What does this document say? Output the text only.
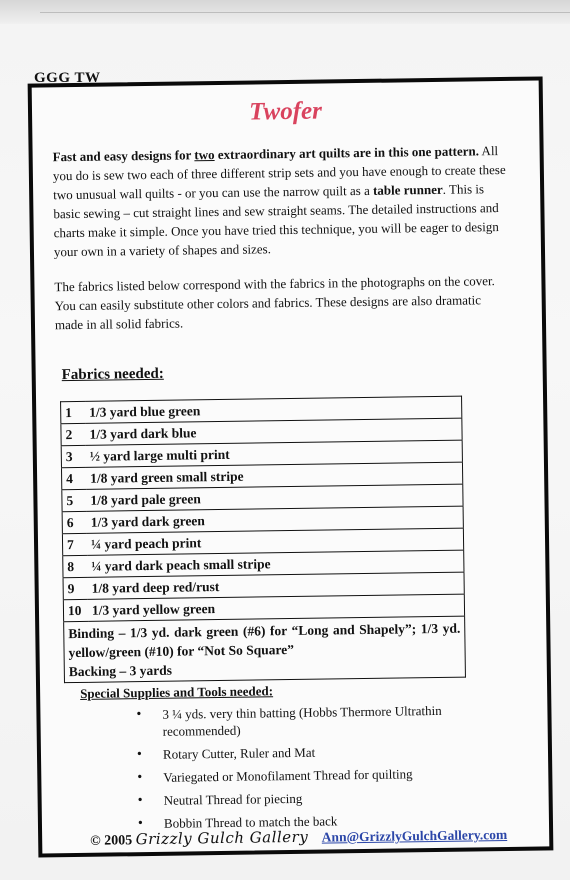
GGG TW
Twofer
Fast and easy designs for two extraordinary art quilts are in this one pattern. All you do is sew two each of three different strip sets and you have enough to create these two unusual wall quilts - or you can use the narrow quilt as a table runner. This is basic sewing – cut straight lines and sew straight seams. The detailed instructions and charts make it simple. Once you have tried this technique, you will be eager to design your own in a variety of shapes and sizes.
The fabrics listed below correspond with the fabrics in the photographs on the cover. You can easily substitute other colors and fabrics. These designs are also dramatic made in all solid fabrics.
Fabrics needed:
1	1/3 yard blue green
2	1/3 yard dark blue
3	½ yard large multi print
4	1/8 yard green small stripe
5	1/8 yard pale green
6	1/3 yard dark green
7	¼ yard peach print
8	¼ yard dark peach small stripe
9	1/8 yard deep red/rust
10	1/3 yard yellow green

Binding – 1/3 yd. dark green (#6) for “Long and Shapely”; 1/3 yd. yellow/green (#10) for “Not So Square”
Backing – 3 yards	
Special Supplies and Tools needed:
• 3 ¼ yds. very thin batting (Hobbs Thermore Ultrathin recommended)
• Rotary Cutter, Ruler and Mat
• Variegated or Monofilament Thread for quilting
• Neutral Thread for piecing
• Bobbin Thread to match the back
© 2005 Grizzly Gulch Gallery Ann@GrizzlyGulchGallery.com
